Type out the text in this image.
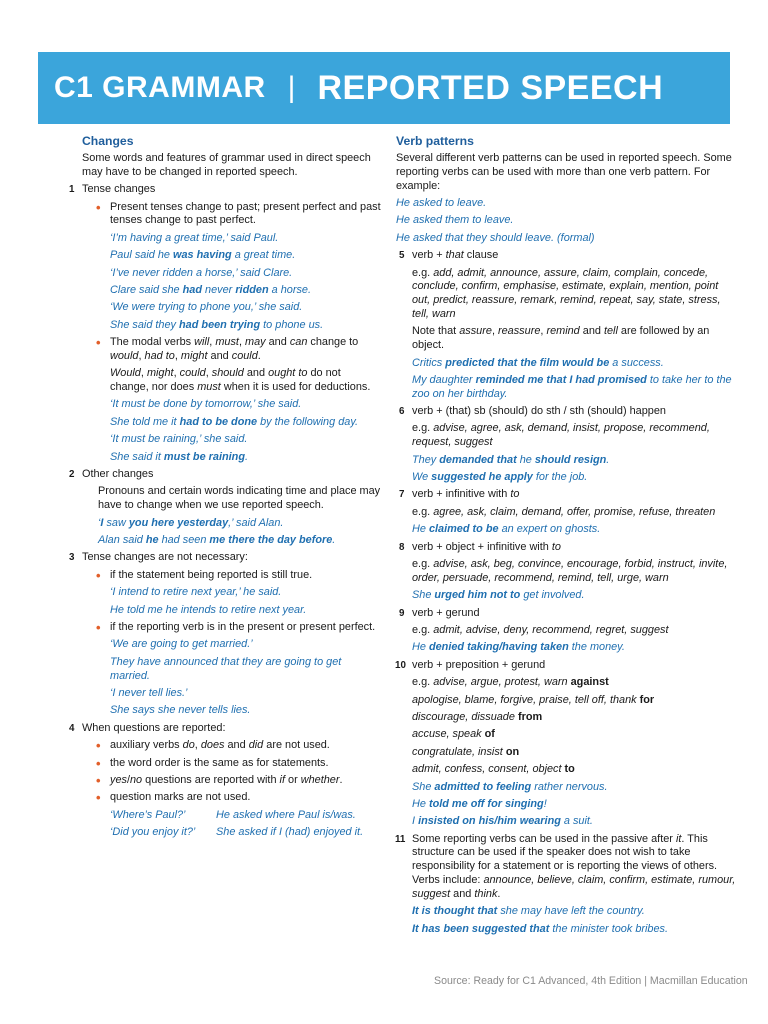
C1 GRAMMAR | REPORTED SPEECH
Changes

Some words and features of grammar used in direct speech may have to be changed in reported speech.

1 Tense changes
• Present tenses change to past; present perfect and past tenses change to past perfect.

‘I’m having a great time,’ said Paul.

Paul said he was having a great time.

‘I’ve never ridden a horse,’ said Clare.

Clare said she had never ridden a horse.

‘We were trying to phone you,’ she said.

She said they had been trying to phone us.

• The modal verbs will, must, may and can change to would, had to, might and could.

Would, might, could, should and ought to do not change, nor does must when it is used for deductions.

‘It must be done by tomorrow,’ she said.

She told me it had to be done by the following day.

‘It must be raining,’ she said.

She said it must be raining.

2 Other changes

Pronouns and certain words indicating time and place may have to change when we use reported speech.

‘I saw you here yesterday,’ said Alan.

Alan said he had seen me there the day before.

3 Tense changes are not necessary:
• if the statement being reported is still true.

‘I intend to retire next year,’ he said.

He told me he intends to retire next year.

• if the reporting verb is in the present or present perfect.

‘We are going to get married.’

They have announced that they are going to get married.

‘I never tell lies.’

She says she never tells lies.

4 When questions are reported:
• auxiliary verbs do, does and did are not used.
• the word order is the same as for statements.
• yes/no questions are reported with if or whether.
• question marks are not used.

‘Where’s Paul?’	He asked where Paul is/was.

‘Did you enjoy it?’	She asked if I (had) enjoyed it.

Verb patterns

Several different verb patterns can be used in reported speech. Some reporting verbs can be used with more than one verb pattern. For example:

He asked to leave.

He asked them to leave.

He asked that they should leave. (formal)

5 verb + that clause

e.g. add, admit, announce, assure, claim, complain, concede, conclude, confirm, emphasise, estimate, explain, mention, point out, predict, reassure, remark, remind, repeat, say, state, stress, tell, warn

Note that assure, reassure, remind and tell are followed by an object.

Critics predicted that the film would be a success.

My daughter reminded me that I had promised to take her to the zoo on her birthday.

6 verb + (that) sb (should) do sth / sth (should) happen

e.g. advise, agree, ask, demand, insist, propose, recommend, request, suggest

They demanded that he should resign.

We suggested he apply for the job.

7 verb + infinitive with to

e.g. agree, ask, claim, demand, offer, promise, refuse, threaten

He claimed to be an expert on ghosts.

8 verb + object + infinitive with to

e.g. advise, ask, beg, convince, encourage, forbid, instruct, invite, order, persuade, recommend, remind, tell, urge, warn

She urged him not to get involved.

9 verb + gerund

e.g. admit, advise, deny, recommend, regret, suggest

He denied taking/having taken the money.

10 verb + preposition + gerund

e.g. advise, argue, protest, warn against

apologise, blame, forgive, praise, tell off, thank for

discourage, dissuade from

accuse, speak of

congratulate, insist on

admit, confess, consent, object to

She admitted to feeling rather nervous.

He told me off for singing!

I insisted on his/him wearing a suit.

11 Some reporting verbs can be used in the passive after it. This structure can be used if the speaker does not wish to take responsibility for a statement or is reporting the views of others. Verbs include: announce, believe, claim, confirm, estimate, rumour, suggest and think.

It is thought that she may have left the country.

It has been suggested that the minister took bribes.

Source: Ready for C1 Advanced, 4th Edition | Macmillan Education
